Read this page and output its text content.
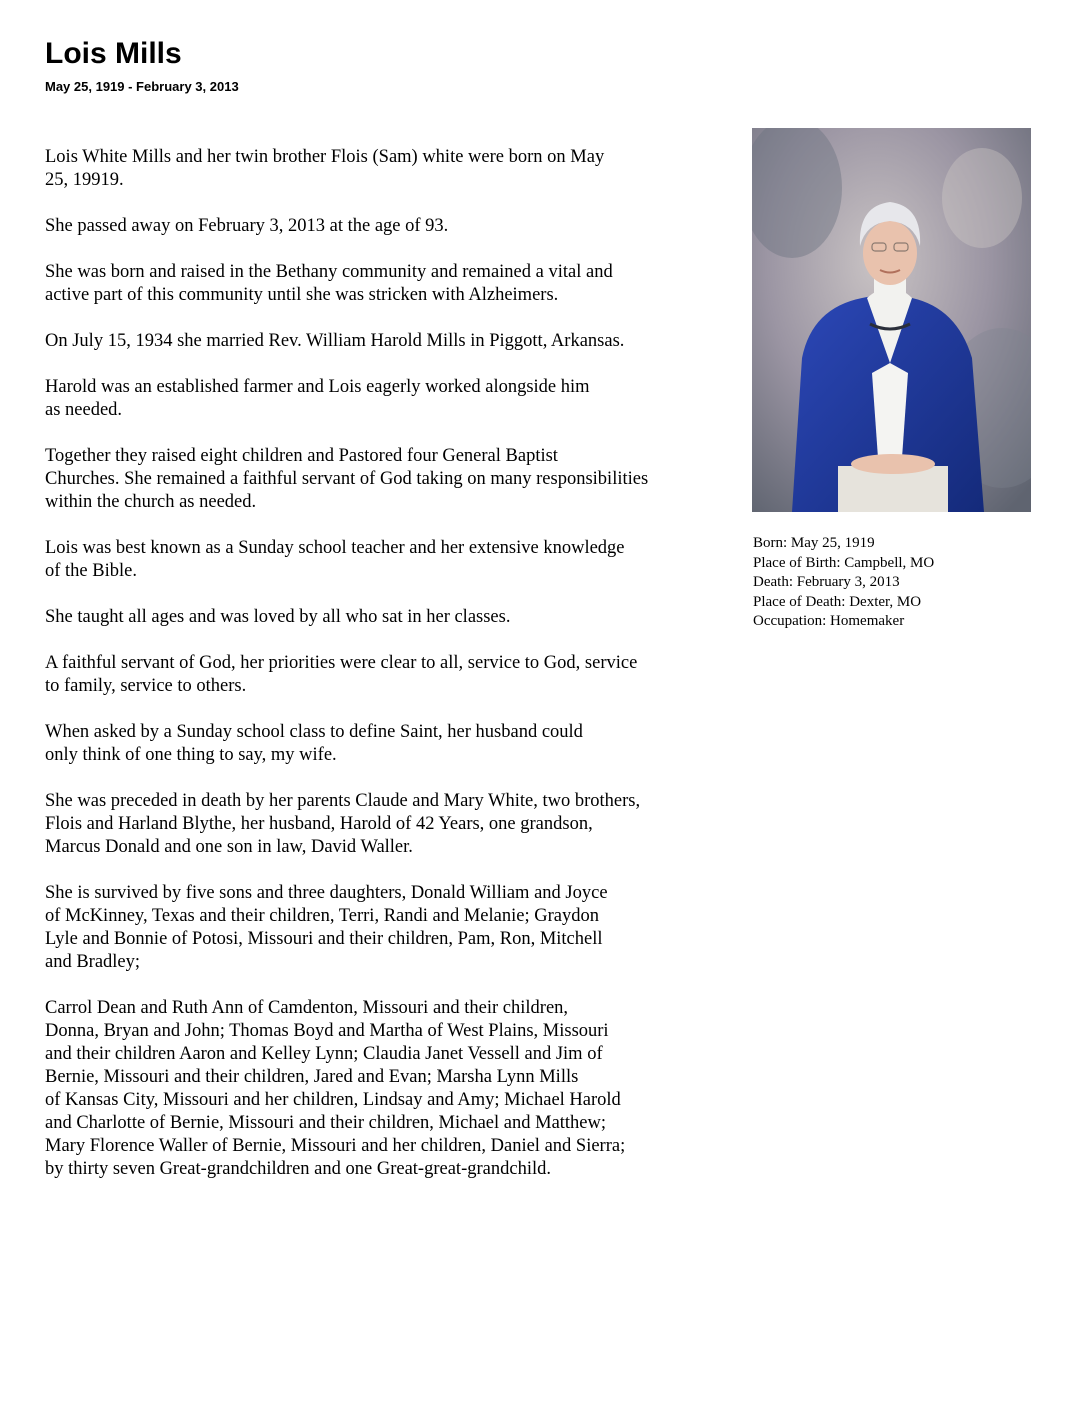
Lois Mills
May 25, 1919 - February 3, 2013

Lois White Mills and her twin brother Flois (Sam) white were born on May
25, 19919.

She passed away on February 3, 2013 at the age of 93.

She was born and raised in the Bethany community and remained a vital and
active part of this community until she was stricken with Alzheimers.

On July 15, 1934 she married Rev. William Harold Mills in Piggott, Arkansas.

Harold was an established farmer and Lois eagerly worked alongside him
as needed.

Together they raised eight children and Pastored four General Baptist
Churches. She remained a faithful servant of God taking on many responsibilities
within the church as needed.

Lois was best known as a Sunday school teacher and her extensive knowledge
of the Bible.

She taught all ages and was loved by all who sat in her classes.

A faithful servant of God, her priorities were clear to all, service to God, service
to family, service to others.

When asked by a Sunday school class to define Saint, her husband could
only think of one thing to say, my wife.

She was preceded in death by her parents Claude and Mary White, two brothers,
Flois and Harland Blythe, her husband, Harold of 42 Years, one grandson,
Marcus Donald and one son in law, David Waller.

She is survived by five sons and three daughters, Donald William and Joyce
of McKinney, Texas and their children, Terri, Randi and Melanie; Graydon
Lyle and Bonnie of Potosi, Missouri and their children, Pam, Ron, Mitchell
and Bradley;

Carrol Dean and Ruth Ann of Camdenton, Missouri and their children,
Donna, Bryan and John; Thomas Boyd and Martha of West Plains, Missouri
and their children Aaron and Kelley Lynn; Claudia Janet Vessell and Jim of
Bernie, Missouri and their children, Jared and Evan; Marsha Lynn Mills
of Kansas City, Missouri and her children, Lindsay and Amy; Michael Harold
and Charlotte of Bernie, Missouri and their children, Michael and Matthew;
Mary Florence Waller of Bernie, Missouri and her children, Daniel and Sierra;
by thirty seven Great-grandchildren and one Great-great-grandchild.

Born: May 25, 1919
Place of Birth: Campbell, MO
Death: February 3, 2013
Place of Death: Dexter, MO
Occupation: Homemaker
